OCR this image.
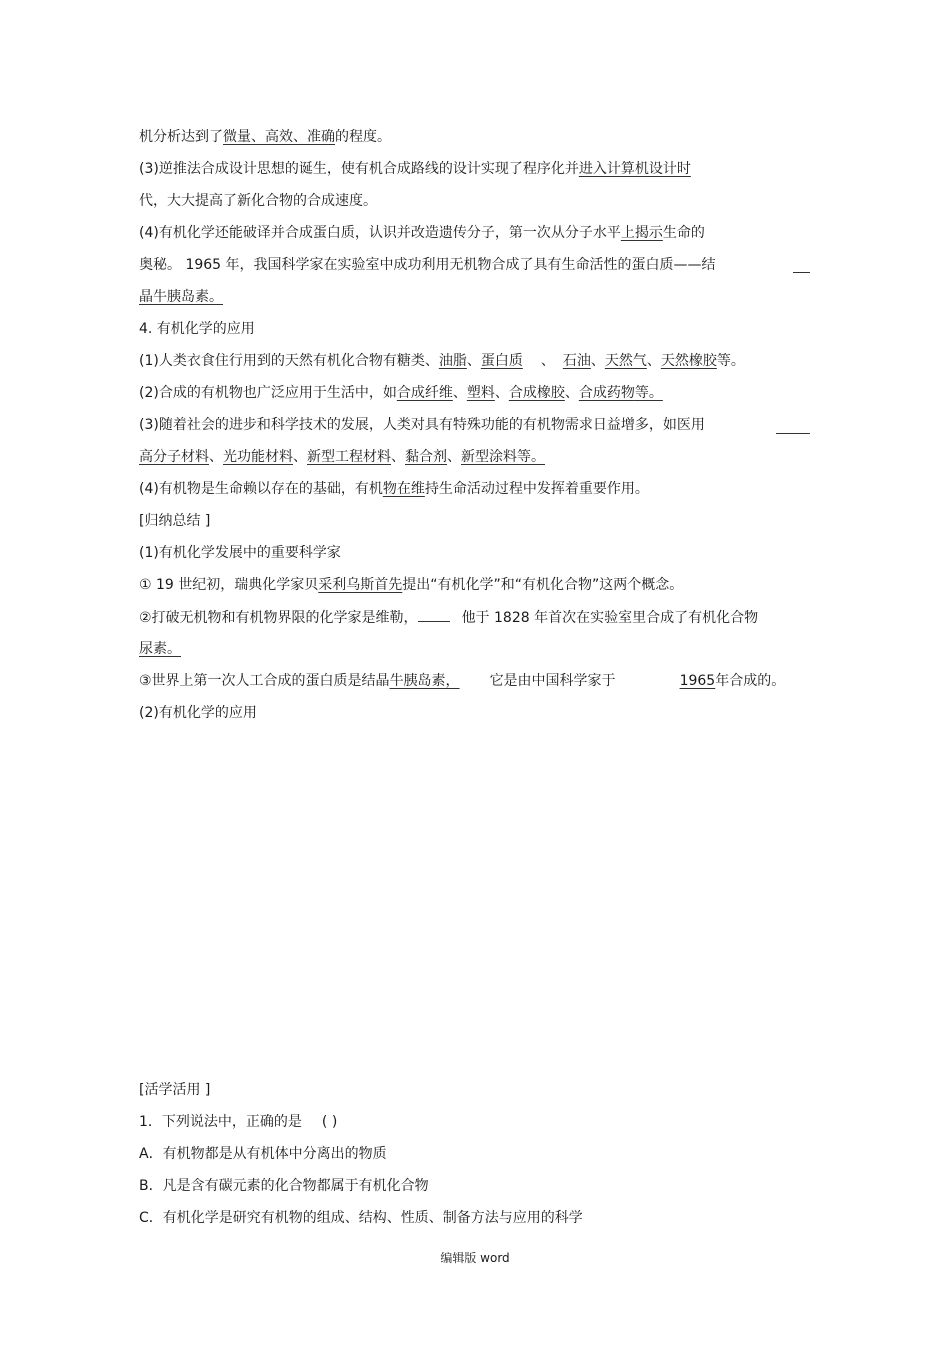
机分析达到了微量、高效、准确的程度。
(3)逆推法合成设计思想的诞生，使有机合成路线的设计实现了程序化并进入计算机设计时
代，大大提高了新化合物的合成速度。
(4)有机化学还能破译并合成蛋白质，认识并改造遗传分子，第一次从分子水平上揭示生命的
奥秘。 1965 年，我国科学家在实验室中成功利用无机物合成了具有生命活性的蛋白质——结
晶牛胰岛素。
4. 有机化学的应用
(1)人类衣食住行用到的天然有机化合物有糖类、油脂、蛋白质 、 石油、天然气、天然橡胶等。
(2)合成的有机物也广泛应用于生活中，如合成纤维、塑料、合成橡胶、合成药物等。
(3)随着社会的进步和科学技术的发展，人类对具有特殊功能的有机物需求日益增多，如医用
高分子材料、光功能材料、新型工程材料、黏合剂、新型涂料等。
(4)有机物是生命赖以存在的基础，有机物在维持生命活动过程中发挥着重要作用。
[归纳总结 ]
(1)有机化学发展中的重要科学家
① 19 世纪初，瑞典化学家贝采利乌斯首先提出“有机化学”和“有机化合物”这两个概念。
②打破无机物和有机物界限的化学家是维勒，	他于 1828 年首次在实验室里合成了有机化合物
尿素。
③世界上第一次人工合成的蛋白质是结晶牛胰岛素， 它是由中国科学家于	1965年合成的。
(2)有机化学的应用
[活学活用 ]
1．下列说法中，正确的是 ( )
A．有机物都是从有机体中分离出的物质
B．凡是含有碳元素的化合物都属于有机化合物
C．有机化学是研究有机物的组成、结构、性质、制备方法与应用的科学
编辑版 word
